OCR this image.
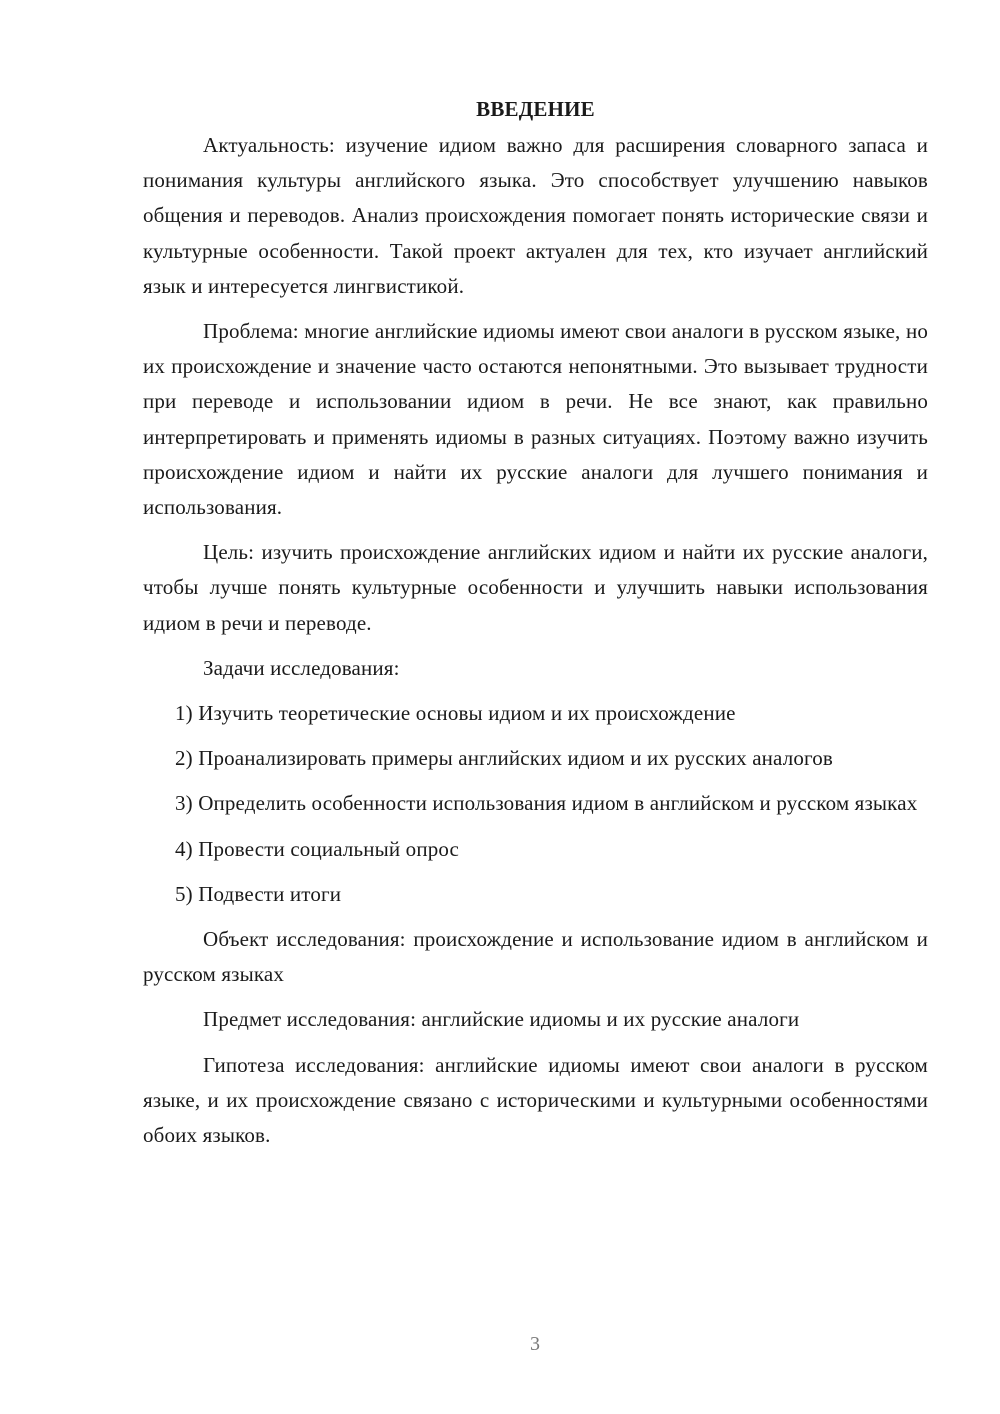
ВВЕДЕНИЕ

Актуальность: изучение идиом важно для расширения словарного запаса и понимания культуры английского языка. Это способствует улучшению навыков общения и переводов. Анализ происхождения помогает понять исторические связи и культурные особенности. Такой проект актуален для тех, кто изучает английский язык и интересуется лингвистикой.

Проблема: многие английские идиомы имеют свои аналоги в русском языке, но их происхождение и значение часто остаются непонятными. Это вызывает трудности при переводе и использовании идиом в речи. Не все знают, как правильно интерпретировать и применять идиомы в разных ситуациях. Поэтому важно изучить происхождение идиом и найти их русские аналоги для лучшего понимания и использования.

Цель: изучить происхождение английских идиом и найти их русские аналоги, чтобы лучше понять культурные особенности и улучшить навыки использования идиом в речи и переводе.

Задачи исследования:

1) Изучить теоретические основы идиом и их происхождение

2) Проанализировать примеры английских идиом и их русских аналогов

3) Определить особенности использования идиом в английском и русском языках

4) Провести социальный опрос

5) Подвести итоги

Объект исследования: происхождение и использование идиом в английском и русском языках

Предмет исследования: английские идиомы и их русские аналоги

Гипотеза исследования: английские идиомы имеют свои аналоги в русском языке, и их происхождение связано с историческими и культурными особенностями обоих языков.

3
